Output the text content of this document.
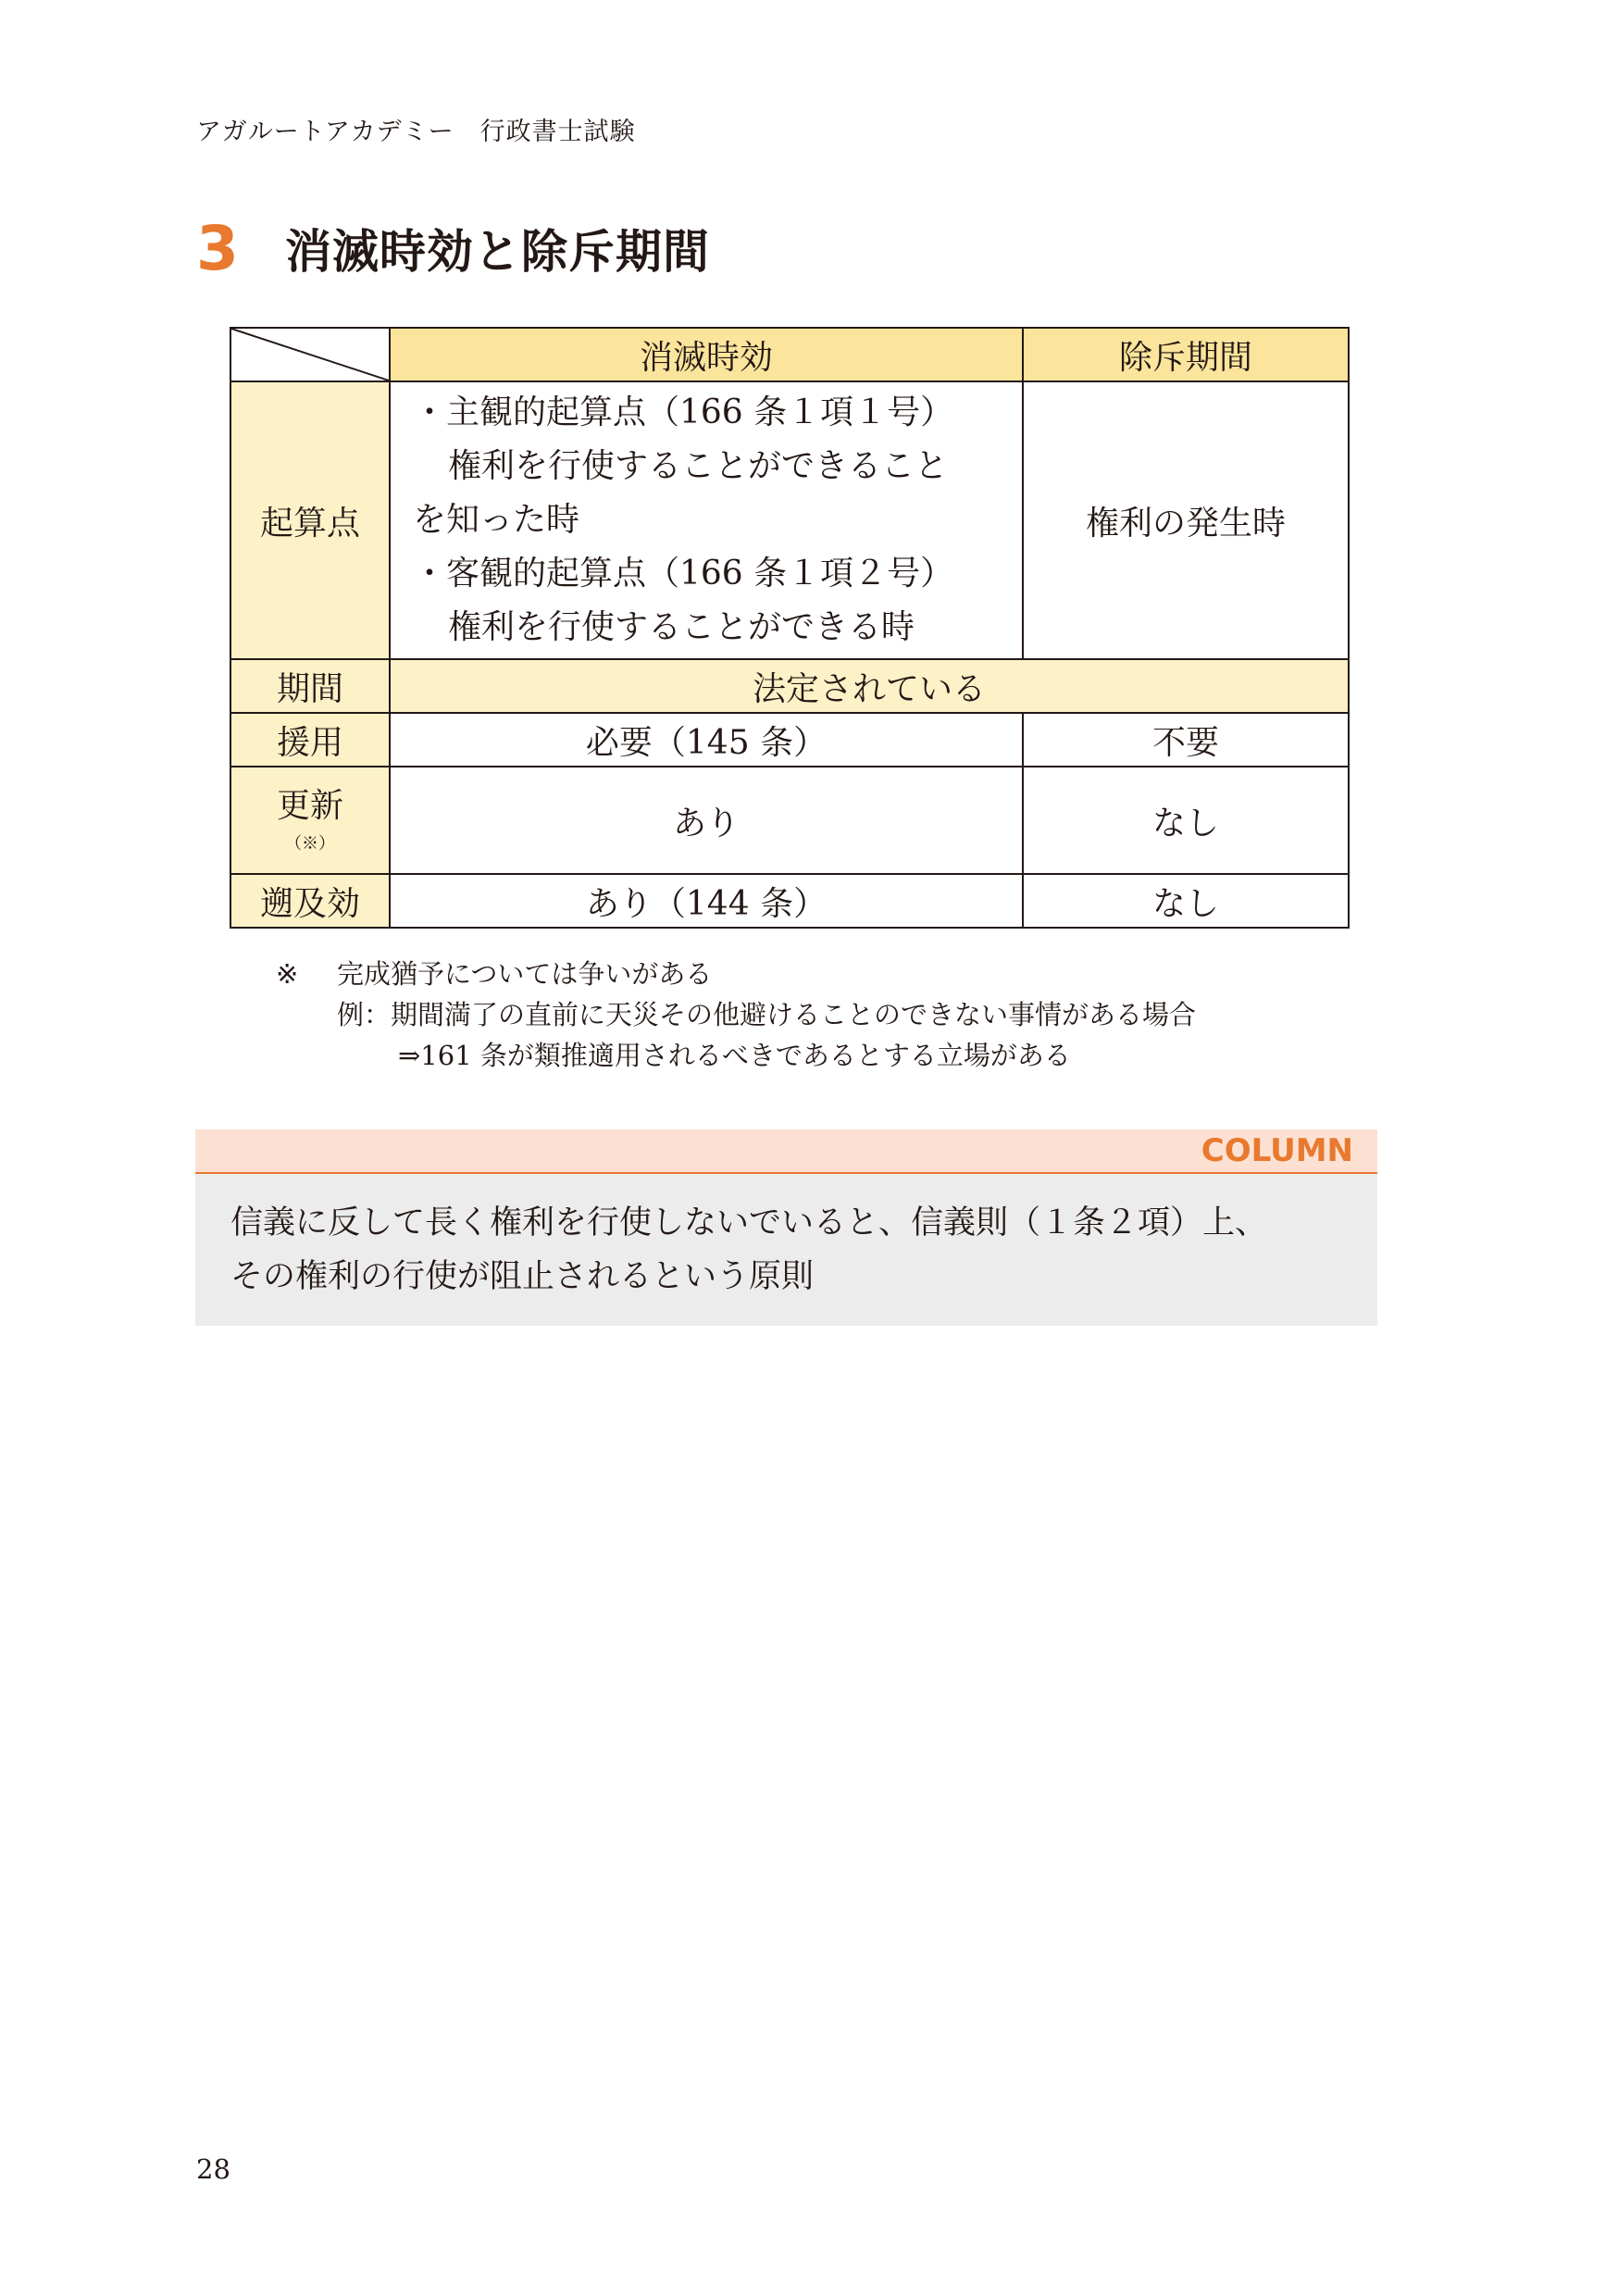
アガルートアカデミー　行政書士試験
3	消滅時効と除斥期間
	消滅時効	除斥期間
起算点	・主観的起算点（166 条１項１号）
権利を行使することができること
を知った時
・客観的起算点（166 条１項２号）
権利を行使することができる時	権利の発生時
期間	法定されている	
援用	必要（145 条）	不要

更新
（※）	あり	なし
遡及効	あり（144 条）	なし
※	完成猶予については争いがある
例：期間満了の直前に天災その他避けることのできない事情がある場合
⇒161 条が類推適用されるべきであるとする立場がある
COLUMN
信義に反して長く権利を行使しないでいると、信義則（１条２項）上、
その権利の行使が阻止されるという原則
28
